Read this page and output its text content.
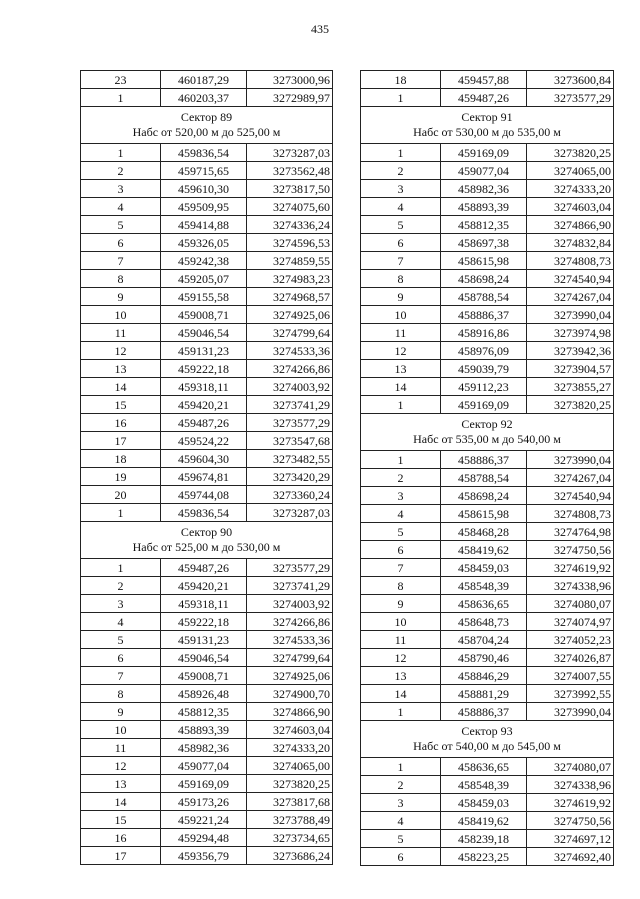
435
23	460187,29	3273000,96
1	460203,37	3272989,97

Сектор 89
Набс от 520,00 м до 525,00 м		

1	459836,54	3273287,03
2	459715,65	3273562,48
3	459610,30	3273817,50
4	459509,95	3274075,60
5	459414,88	3274336,24
6	459326,05	3274596,53
7	459242,38	3274859,55
8	459205,07	3274983,23
9	459155,58	3274968,57
10	459008,71	3274925,06
11	459046,54	3274799,64
12	459131,23	3274533,36
13	459222,18	3274266,86
14	459318,11	3274003,92
15	459420,21	3273741,29
16	459487,26	3273577,29
17	459524,22	3273547,68
18	459604,30	3273482,55
19	459674,81	3273420,29
20	459744,08	3273360,24
1	459836,54	3273287,03

Сектор 90
Набс от 525,00 м до 530,00 м		

1	459487,26	3273577,29
2	459420,21	3273741,29
3	459318,11	3274003,92
4	459222,18	3274266,86
5	459131,23	3274533,36
6	459046,54	3274799,64
7	459008,71	3274925,06
8	458926,48	3274900,70
9	458812,35	3274866,90
10	458893,39	3274603,04
11	458982,36	3274333,20
12	459077,04	3274065,00
13	459169,09	3273820,25
14	459173,26	3273817,68
15	459221,24	3273788,49
16	459294,48	3273734,65
17	459356,79	3273686,24
18	459457,88	3273600,84
1	459487,26	3273577,29

Сектор 91
Набс от 530,00 м до 535,00 м		

1	459169,09	3273820,25
2	459077,04	3274065,00
3	458982,36	3274333,20
4	458893,39	3274603,04
5	458812,35	3274866,90
6	458697,38	3274832,84
7	458615,98	3274808,73
8	458698,24	3274540,94
9	458788,54	3274267,04
10	458886,37	3273990,04
11	458916,86	3273974,98
12	458976,09	3273942,36
13	459039,79	3273904,57
14	459112,23	3273855,27
1	459169,09	3273820,25

Сектор 92
Набс от 535,00 м до 540,00 м		

1	458886,37	3273990,04
2	458788,54	3274267,04
3	458698,24	3274540,94
4	458615,98	3274808,73
5	458468,28	3274764,98
6	458419,62	3274750,56
7	458459,03	3274619,92
8	458548,39	3274338,96
9	458636,65	3274080,07
10	458648,73	3274074,97
11	458704,24	3274052,23
12	458790,46	3274026,87
13	458846,29	3274007,55
14	458881,29	3273992,55
1	458886,37	3273990,04

Сектор 93
Набс от 540,00 м до 545,00 м		

1	458636,65	3274080,07
2	458548,39	3274338,96
3	458459,03	3274619,92
4	458419,62	3274750,56
5	458239,18	3274697,12
6	458223,25	3274692,40
